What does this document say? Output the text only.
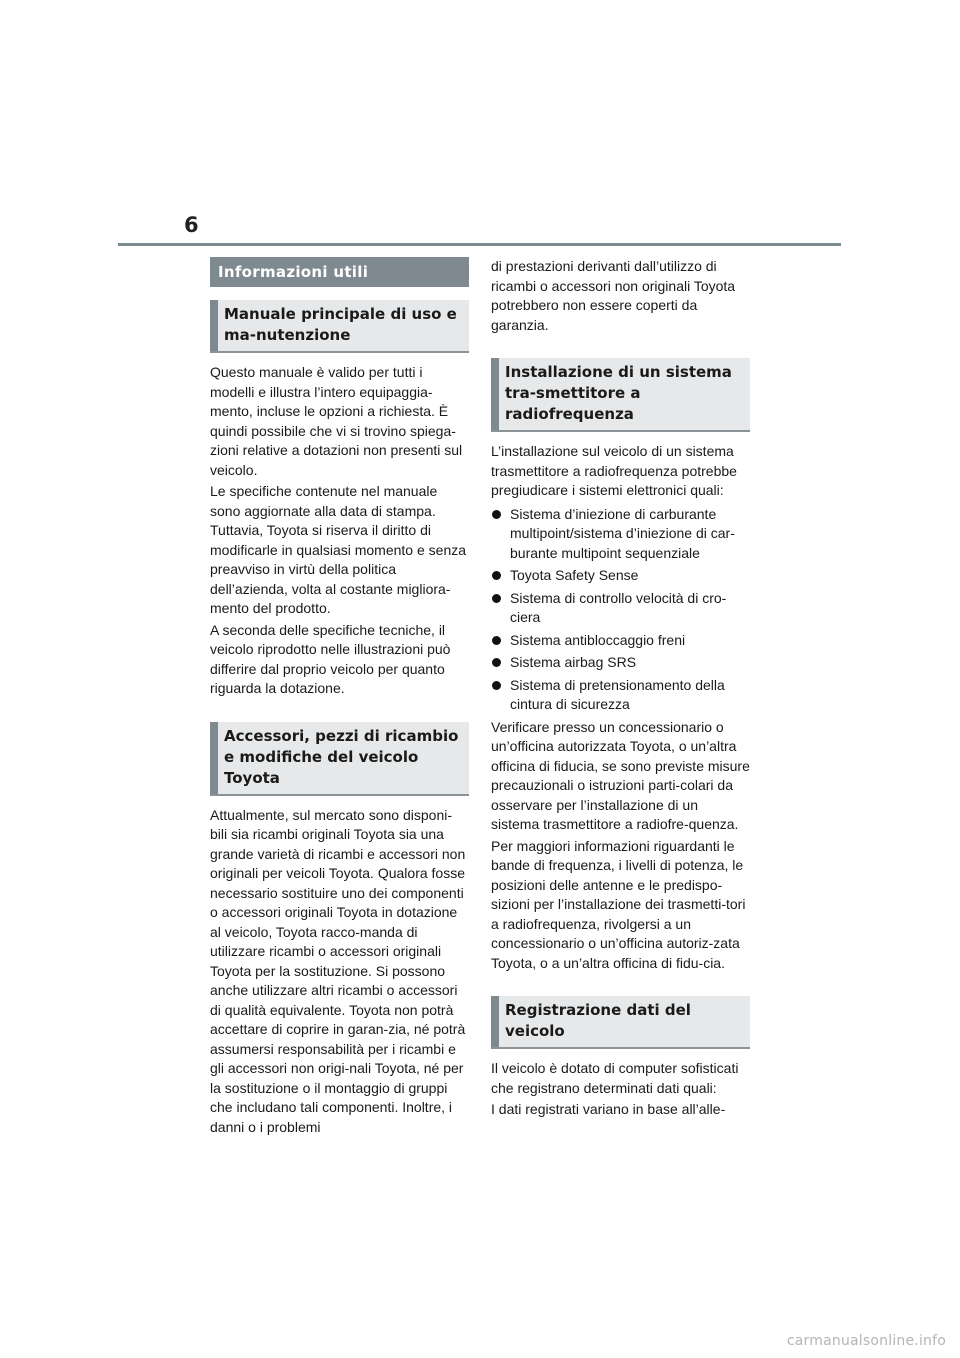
6
Informazioni utili
Manuale principale di uso e ma-nutenzione

Questo manuale è valido per tutti i modelli e illustra l’intero equipaggia-mento, incluse le opzioni a richiesta. È quindi possibile che vi si trovino spiega-zioni relative a dotazioni non presenti sul veicolo.

Le specifiche contenute nel manuale sono aggiornate alla data di stampa. Tuttavia, Toyota si riserva il diritto di modificarle in qualsiasi momento e senza preavviso in virtù della politica dell’azienda, volta al costante migliora-mento del prodotto.

A seconda delle specifiche tecniche, il veicolo riprodotto nelle illustrazioni può differire dal proprio veicolo per quanto riguarda la dotazione.

Accessori, pezzi di ricambio e modifiche del veicolo Toyota

Attualmente, sul mercato sono disponi-bili sia ricambi originali Toyota sia una grande varietà di ricambi e accessori non originali per veicoli Toyota. Qualora fosse necessario sostituire uno dei componenti o accessori originali Toyota in dotazione al veicolo, Toyota racco-manda di utilizzare ricambi o accessori originali Toyota per la sostituzione. Si possono anche utilizzare altri ricambi o accessori di qualità equivalente. Toyota non potrà accettare di coprire in garan-zia, né potrà assumersi responsabilità per i ricambi e gli accessori non origi-nali Toyota, né per la sostituzione o il montaggio di gruppi che includano tali componenti. Inoltre, i danni o i problemi

di prestazioni derivanti dall’utilizzo di ricambi o accessori non originali Toyota potrebbero non essere coperti da garanzia.

Installazione di un sistema tra-smettitore a radiofrequenza

L’installazione sul veicolo di un sistema trasmettitore a radiofrequenza potrebbe pregiudicare i sistemi elettronici quali:

Sistema d’iniezione di carburante multipoint/sistema d’iniezione di car-burante multipoint sequenziale
Toyota Safety Sense
Sistema di controllo velocità di cro-ciera
Sistema antibloccaggio freni
Sistema airbag SRS
Sistema di pretensionamento della cintura di sicurezza

Verificare presso un concessionario o un’officina autorizzata Toyota, o un’altra officina di fiducia, se sono previste misure precauzionali o istruzioni parti-colari da osservare per l’installazione di un sistema trasmettitore a radiofre-quenza.

Per maggiori informazioni riguardanti le bande di frequenza, i livelli di potenza, le posizioni delle antenne e le predispo-sizioni per l’installazione dei trasmetti-tori a radiofrequenza, rivolgersi a un concessionario o un’officina autoriz-zata Toyota, o a un’altra officina di fidu-cia.

Registrazione dati del veicolo

Il veicolo è dotato di computer sofisticati che registrano determinati dati quali:

I dati registrati variano in base all’alle-

carmanualsonline.info
